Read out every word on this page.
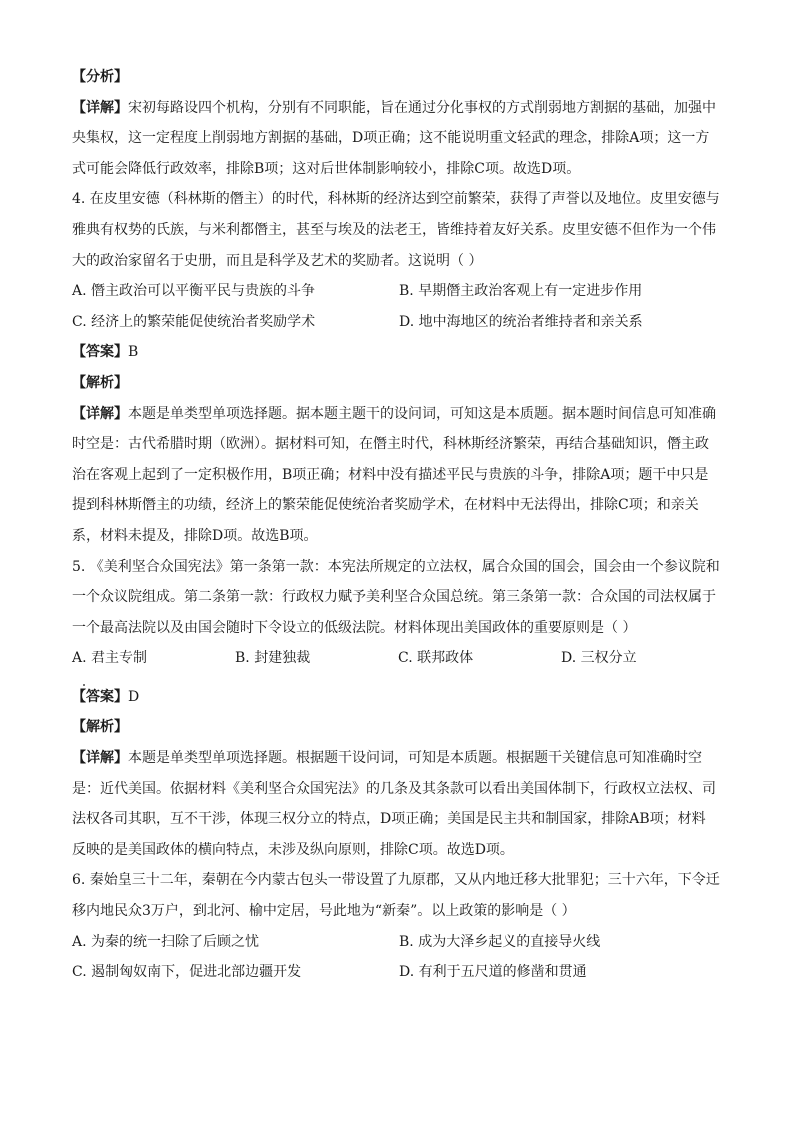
【分析】
【详解】宋初每路设四个机构，分别有不同职能，旨在通过分化事权的方式削弱地方割据的基础，加强中
央集权，这一定程度上削弱地方割据的基础，D项正确；这不能说明重文轻武的理念，排除A项；这一方
式可能会降低行政效率，排除B项；这对后世体制影响较小，排除C项。故选D项。
4. 在皮里安德（科林斯的僭主）的时代，科林斯的经济达到空前繁荣，获得了声誉以及地位。皮里安德与
雅典有权势的氏族，与米利都僭主，甚至与埃及的法老王，皆维持着友好关系。皮里安德不但作为一个伟
大的政治家留名于史册，而且是科学及艺术的奖励者。这说明（ ）
A. 僭主政治可以平衡平民与贵族的斗争	B. 早期僭主政治客观上有一定进步作用
C. 经济上的繁荣能促使统治者奖励学术	D. 地中海地区的统治者维持者和亲关系
【答案】B
【解析】
【详解】本题是单类型单项选择题。据本题主题干的设问词，可知这是本质题。据本题时间信息可知准确
时空是：古代希腊时期（欧洲）。据材料可知，在僭主时代，科林斯经济繁荣，再结合基础知识，僭主政
治在客观上起到了一定积极作用，B项正确；材料中没有描述平民与贵族的斗争，排除A项；题干中只是
提到科林斯僭主的功绩，经济上的繁荣能促使统治者奖励学术，在材料中无法得出，排除C项；和亲关
系，材料未提及，排除D项。故选B项。
5. 《美利坚合众国宪法》第一条第一款：本宪法所规定的立法权，属合众国的国会，国会由一个参议院和
一个众议院组成。第二条第一款：行政权力赋予美利坚合众国总统。第三条第一款：合众国的司法权属于
一个最高法院以及由国会随时下令设立的低级法院。材料体现出美国政体的重要原则是（ ）
A. 君主专制	B. 封建独裁	C. 联邦政体	D. 三权分立
【答案】D
【解析】
【详解】本题是单类型单项选择题。根据题干设问词，可知是本质题。根据题干关键信息可知准确时空
是：近代美国。依据材料《美利坚合众国宪法》的几条及其条款可以看出美国体制下，行政权立法权、司
法权各司其职，互不干涉，体现三权分立的特点，D项正确；美国是民主共和制国家，排除AB项；材料
反映的是美国政体的横向特点，未涉及纵向原则，排除C项。故选D项。
6. 秦始皇三十二年，秦朝在今内蒙古包头一带设置了九原郡，又从内地迁移大批罪犯；三十六年，下令迁
移内地民众3万户，到北河、榆中定居，号此地为“新秦”。以上政策的影响是（ ）
A. 为秦的统一扫除了后顾之忧	B. 成为大泽乡起义的直接导火线
C. 遏制匈奴南下，促进北部边疆开发	D. 有利于五尺道的修凿和贯通
